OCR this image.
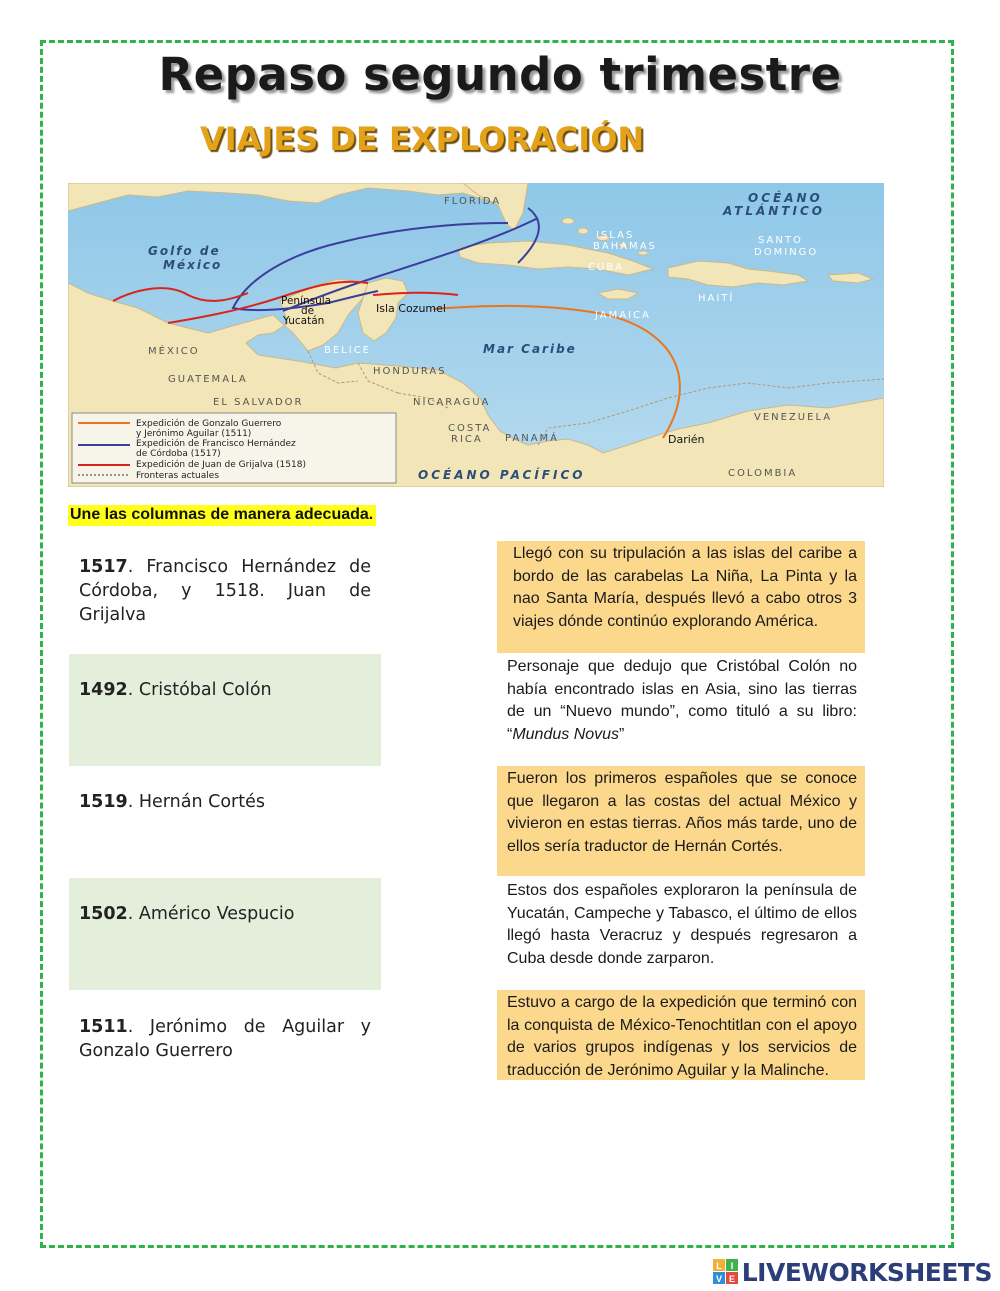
Repaso segundo trimestre
VIAJES DE EXPLORACIÓN
Expedición de Gonzalo Guerrero
y Jerónimo Aguilar (1511)
Expedición de Francisco Hernández
de Córdoba (1517)
Expedición de Juan de Grijalva (1518)
Fronteras actuales
FLORIDA	OCÉANO
ATLÁNTICO
Golfo de
México
ISLAS
BAHAMAS
SANTO
DOMINGO
CUBA
HAITÍ
Península
de
Yucatán
Isla Cozumel
JAMAICA
MÉXICO	BELICE	Mar Caribe
HONDURAS
GUATEMALA
EL SALVADOR	NICARAGUA
VENEZUELA
COSTA
RICA PANAMÁ	Darién
OCÉANO PACÍFICO	COLOMBIA
Une las columnas de manera adecuada.
1517. Francisco Hernández de Córdoba, y 1518. Juan de Grijalva
1492. Cristóbal Colón
1519. Hernán Cortés
1502. Américo Vespucio
1511. Jerónimo de Aguilar y Gonzalo Guerrero
Llegó con su tripulación a las islas del caribe a bordo de las carabelas La Niña, La Pinta y la nao Santa María, después llevó a cabo otros 3 viajes dónde continúo explorando América.
Personaje que dedujo que Cristóbal Colón no había encontrado islas en Asia, sino las tierras de un “Nuevo mundo”, como tituló a su libro: “Mundus Novus”
Fueron los primeros españoles que se conoce que llegaron a las costas del actual México y vivieron en estas tierras. Años más tarde, uno de ellos sería traductor de Hernán Cortés.
Estos dos españoles exploraron la península de Yucatán, Campeche y Tabasco, el último de ellos llegó hasta Veracruz y después regresaron a Cuba desde donde zarparon.
Estuvo a cargo de la expedición que terminó con la conquista de México-Tenochtitlan con el apoyo de varios grupos indígenas y los servicios de traducción de Jerónimo Aguilar y la Malinche.
L I
V E LIVEWORKSHEETS
